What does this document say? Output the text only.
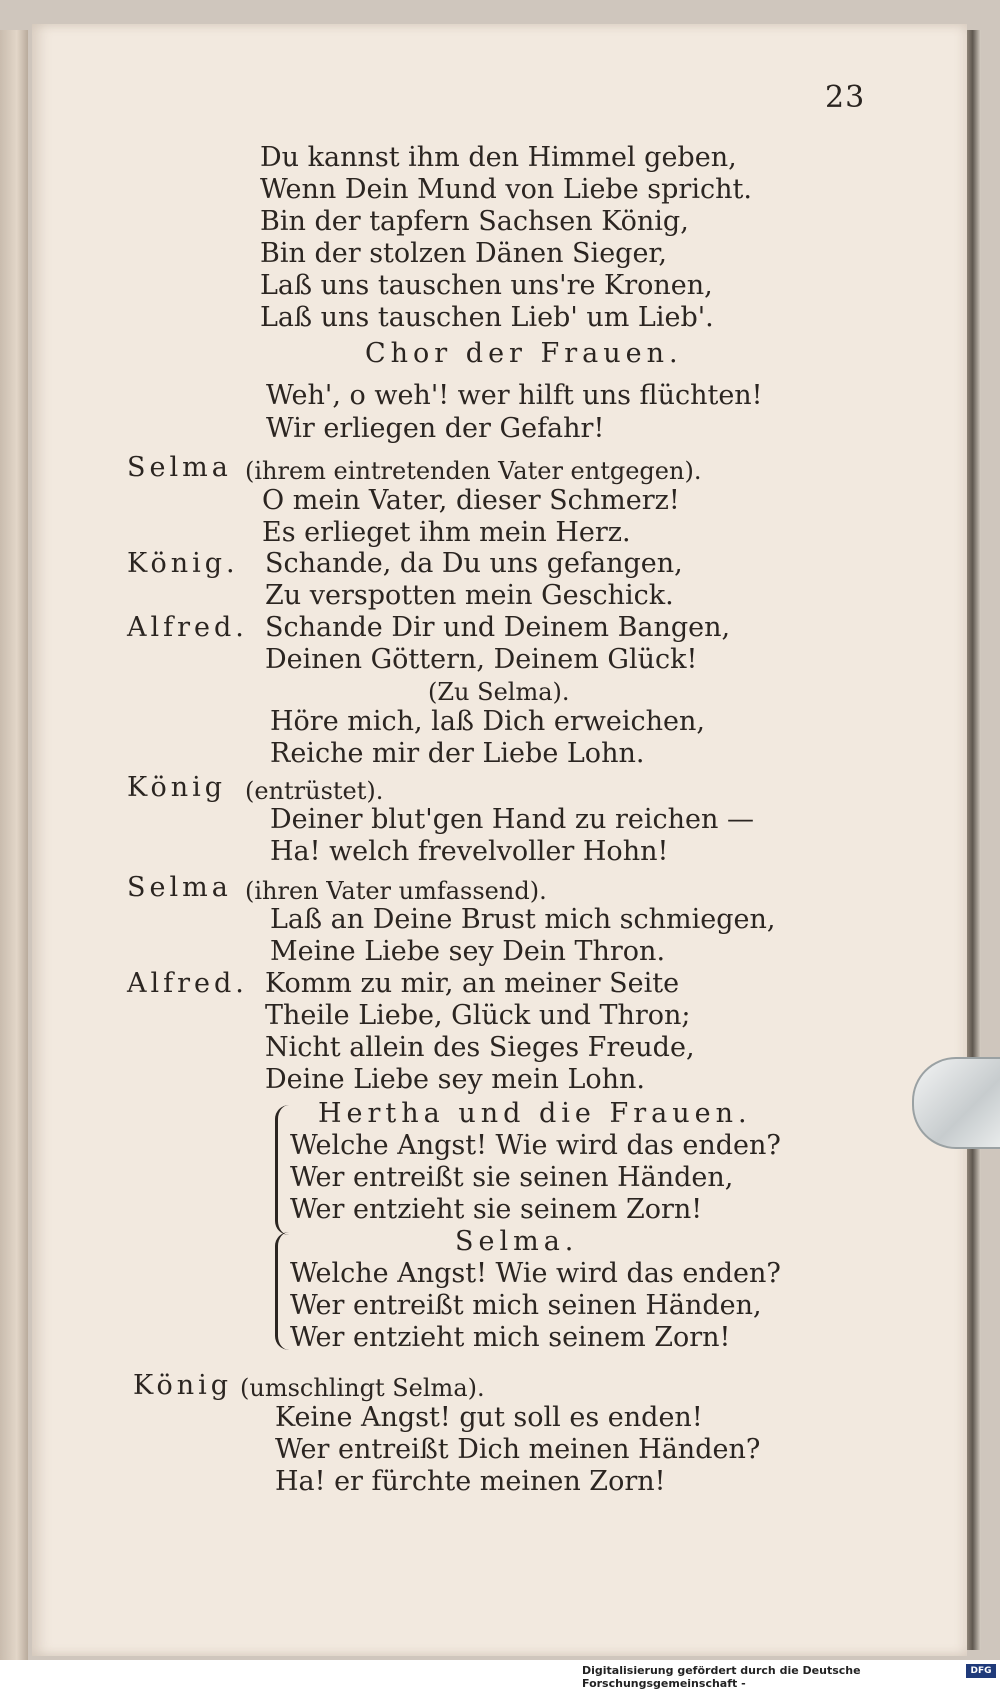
23
Du kannst ihm den Himmel geben,
Wenn Dein Mund von Liebe spricht.
Bin der tapfern Sachsen König,
Bin der stolzen Dänen Sieger,
Laß uns tauschen uns're Kronen,
Laß uns tauschen Lieb' um Lieb'.
Chor der Frauen.
Weh', o weh'! wer hilft uns flüchten!
Wir erliegen der Gefahr!
Selma (ihrem eintretenden Vater entgegen).
O mein Vater, dieser Schmerz!
Es erlieget ihm mein Herz.
König. Schande, da Du uns gefangen,
Zu verspotten mein Geschick.
Alfred. Schande Dir und Deinem Bangen,
Deinen Göttern, Deinem Glück!
(Zu Selma).
Höre mich, laß Dich erweichen,
Reiche mir der Liebe Lohn.
König (entrüstet).
Deiner blut'gen Hand zu reichen —
Ha! welch frevelvoller Hohn!
Selma (ihren Vater umfassend).
Laß an Deine Brust mich schmiegen,
Meine Liebe sey Dein Thron.
Alfred. Komm zu mir, an meiner Seite
Theile Liebe, Glück und Thron;
Nicht allein des Sieges Freude,
Deine Liebe sey mein Lohn.
Hertha und die Frauen.
Welche Angst! Wie wird das enden?
Wer entreißt sie seinen Händen,
Wer entzieht sie seinem Zorn!
Selma.
Welche Angst! Wie wird das enden?
Wer entreißt mich seinen Händen,
Wer entzieht mich seinem Zorn!
König (umschlingt Selma).
Keine Angst! gut soll es enden!
Wer entreißt Dich meinen Händen?
Ha! er fürchte meinen Zorn!
Digitalisierung gefördert durch die Deutsche Forschungsgemeinschaft -
DFG
